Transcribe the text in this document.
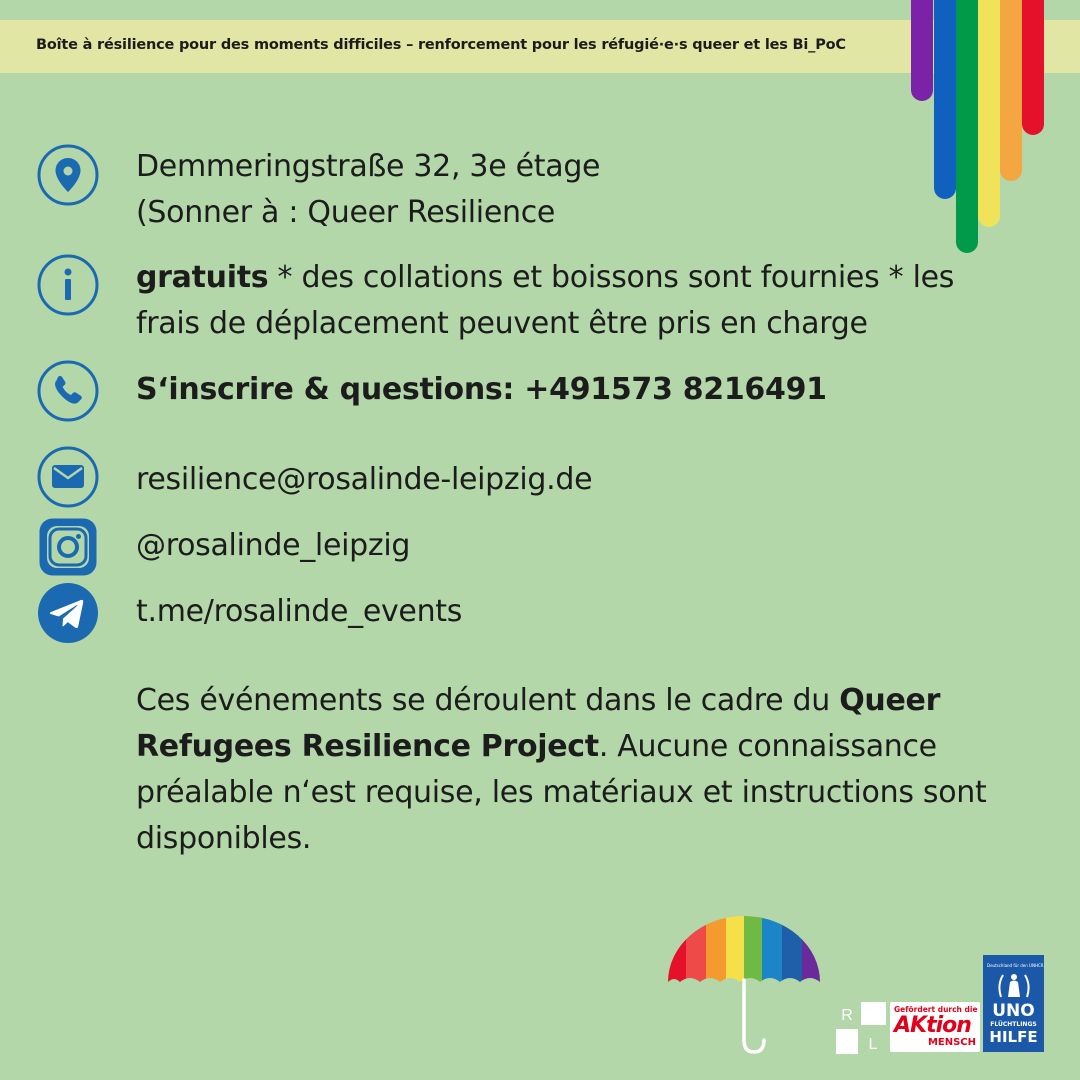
Boîte à résilience pour des moments difficiles – renforcement pour les réfugié·e·s queer et les Bi_PoC
Demmeringstraße 32, 3e étage
(Sonner à : Queer Resilience
gratuits * des collations et boissons sont fournies * les
frais de déplacement peuvent être pris en charge
S‘inscrire & questions: +491573 8216491
resilience@rosalinde-leipzig.de
@rosalinde_leipzig
t.me/rosalinde_events
Ces événements se déroulent dans le cadre du Queer Refugees Resilience Project. Aucune connaissance préalable n‘est requise, les matériaux et instructions sont disponibles.
R
L
Gefördert durch die
AKtion
MENSCH
Deutschland für den UNHCR
UNO
FLÜCHTLINGS
HILFE
